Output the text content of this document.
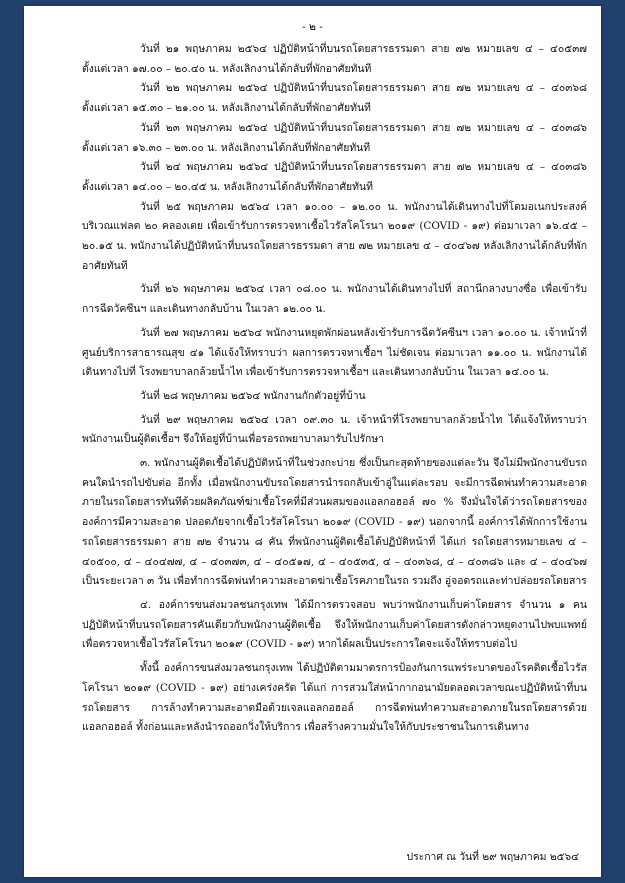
- ๒ -

วันที่ ๒๑ พฤษภาคม ๒๕๖๔ ปฏิบัติหน้าที่บนรถโดยสารธรรมดา สาย ๗๒ หมายเลข ๔ – ๔๐๕๓๗ ตั้งแต่เวลา ๑๗.๐๐ – ๒๐.๔๐ น. หลังเลิกงานได้กลับที่พักอาศัยทันที

วันที่ ๒๒ พฤษภาคม ๒๕๖๔ ปฏิบัติหน้าที่บนรถโดยสารธรรมดา สาย ๗๒ หมายเลข ๔ – ๔๐๓๖๘ ตั้งแต่เวลา ๑๕.๓๐ – ๒๑.๐๐ น. หลังเลิกงานได้กลับที่พักอาศัยทันที

วันที่ ๒๓ พฤษภาคม ๒๕๖๔ ปฏิบัติหน้าที่บนรถโดยสารธรรมดา สาย ๗๒ หมายเลข ๔ – ๔๐๓๘๖ ตั้งแต่เวลา ๑๖.๓๐ – ๒๓.๐๐ น. หลังเลิกงานได้กลับที่พักอาศัยทันที

วันที่ ๒๔ พฤษภาคม ๒๕๖๔ ปฏิบัติหน้าที่บนรถโดยสารธรรมดา สาย ๗๒ หมายเลข ๔ – ๔๐๓๘๖ ตั้งแต่เวลา ๑๔.๐๐ – ๒๐.๔๕ น. หลังเลิกงานได้กลับที่พักอาศัยทันที

วันที่ ๒๕ พฤษภาคม ๒๕๖๔ เวลา ๑๐.๐๐ – ๑๒.๐๐ น. พนักงานได้เดินทางไปที่โดมอเนกประสงค์บริเวณแฟลต ๒๐ คลองเตย เพื่อเข้ารับการตรวจหาเชื้อไวรัสโคโรนา ๒๐๑๙ (COVID - ๑๙) ต่อมาเวลา ๑๖.๔๕ – ๒๐.๑๕ น. พนักงานได้ปฏิบัติหน้าที่บนรถโดยสารธรรมดา สาย ๗๒ หมายเลข ๔ – ๔๐๔๖๗ หลังเลิกงานได้กลับที่พักอาศัยทันที

วันที่ ๒๖ พฤษภาคม ๒๕๖๔ เวลา ๐๘.๐๐ น. พนักงานได้เดินทางไปที่ สถานีกลางบางซื่อ เพื่อเข้ารับการฉีดวัคซีนฯ และเดินทางกลับบ้าน ในเวลา ๑๒.๐๐ น.

วันที่ ๒๗ พฤษภาคม ๒๕๖๔ พนักงานหยุดพักผ่อนหลังเข้ารับการฉีดวัคซีนฯ เวลา ๑๐.๐๐ น. เจ้าหน้าที่ศูนย์บริการสาธารณสุข ๔๑ ได้แจ้งให้ทราบว่า ผลการตรวจหาเชื้อฯ ไม่ชัดเจน ต่อมาเวลา ๑๑.๐๐ น. พนักงานได้เดินทางไปที่ โรงพยาบาลกล้วยน้ำไท เพื่อเข้ารับการตรวจหาเชื้อฯ และเดินทางกลับบ้าน ในเวลา ๑๔.๐๐ น.

วันที่ ๒๘ พฤษภาคม ๒๕๖๔ พนักงานกักตัวอยู่ที่บ้าน

วันที่ ๒๙ พฤษภาคม ๒๕๖๔ เวลา ๐๙.๓๐ น. เจ้าหน้าที่โรงพยาบาลกล้วยน้ำไท ได้แจ้งให้ทราบว่า พนักงานเป็นผู้ติดเชื้อฯ จึงให้อยู่ที่บ้านเพื่อรอรถพยาบาลมารับไปรักษา

๓. พนักงานผู้ติดเชื้อได้ปฏิบัติหน้าที่ในช่วงกะบ่าย ซึ่งเป็นกะสุดท้ายของแต่ละวัน จึงไม่มีพนักงานขับรถคนใดนำรถไปขับต่อ อีกทั้ง เมื่อพนักงานขับรถโดยสารนำรถกลับเข้าอู่ในแต่ละรอบ จะมีการฉีดพ่นทำความสะอาดภายในรถโดยสารทันทีด้วยผลิตภัณฑ์ฆ่าเชื้อโรคที่มีส่วนผสมของแอลกอฮอล์ ๗๐ % จึงมั่นใจได้ว่ารถโดยสารขององค์การมีความสะอาด ปลอดภัยจากเชื้อไวรัสโคโรนา ๒๐๑๙ (COVID - ๑๙) นอกจากนี้ องค์การได้พักการใช้งานรถโดยสารธรรมดา สาย ๗๒ จำนวน ๘ คัน ที่พนักงานผู้ติดเชื้อได้ปฏิบัติหน้าที่ ได้แก่ รถโดยสารหมายเลข ๔ – ๔๐๕๐๐, ๔ – ๔๐๔๗๗, ๔ – ๔๐๓๗๓, ๔ – ๔๐๕๑๗, ๔ – ๔๐๕๓๕, ๔ – ๔๐๓๖๘, ๔ – ๔๐๓๘๖ และ ๔ – ๔๐๔๖๗ เป็นระยะเวลา ๓ วัน เพื่อทำการฉีดพ่นทำความสะอาดฆ่าเชื้อโรคภายในรถ รวมถึง อู่จอดรถและท่าปล่อยรถโดยสาร

๔. องค์การขนส่งมวลชนกรุงเทพ ได้มีการตรวจสอบ พบว่าพนักงานเก็บค่าโดยสาร จำนวน ๑ คน ปฏิบัติหน้าที่บนรถโดยสารคันเดียวกับพนักงานผู้ติดเชื้อ จึงให้พนักงานเก็บค่าโดยสารดังกล่าวหยุดงานไปพบแพทย์ เพื่อตรวจหาเชื้อไวรัสโคโรนา ๒๐๑๙ (COVID - ๑๙) หากได้ผลเป็นประการใดจะแจ้งให้ทราบต่อไป

ทั้งนี้ องค์การขนส่งมวลชนกรุงเทพ ได้ปฏิบัติตามมาตรการป้องกันการแพร่ระบาดของโรคติดเชื้อไวรัสโคโรนา ๒๐๑๙ (COVID - ๑๙) อย่างเคร่งครัด ได้แก่ การสวมใส่หน้ากากอนามัยตลอดเวลาขณะปฏิบัติหน้าที่บนรถโดยสาร การล้างทำความสะอาดมือด้วยเจลแอลกอฮอล์ การฉีดพ่นทำความสะอาดภายในรถโดยสารด้วยแอลกอฮอล์ ทั้งก่อนและหลังนำรถออกวิ่งให้บริการ เพื่อสร้างความมั่นใจให้กับประชาชนในการเดินทาง

ประกาศ ณ วันที่ ๒๙ พฤษภาคม ๒๕๖๔
